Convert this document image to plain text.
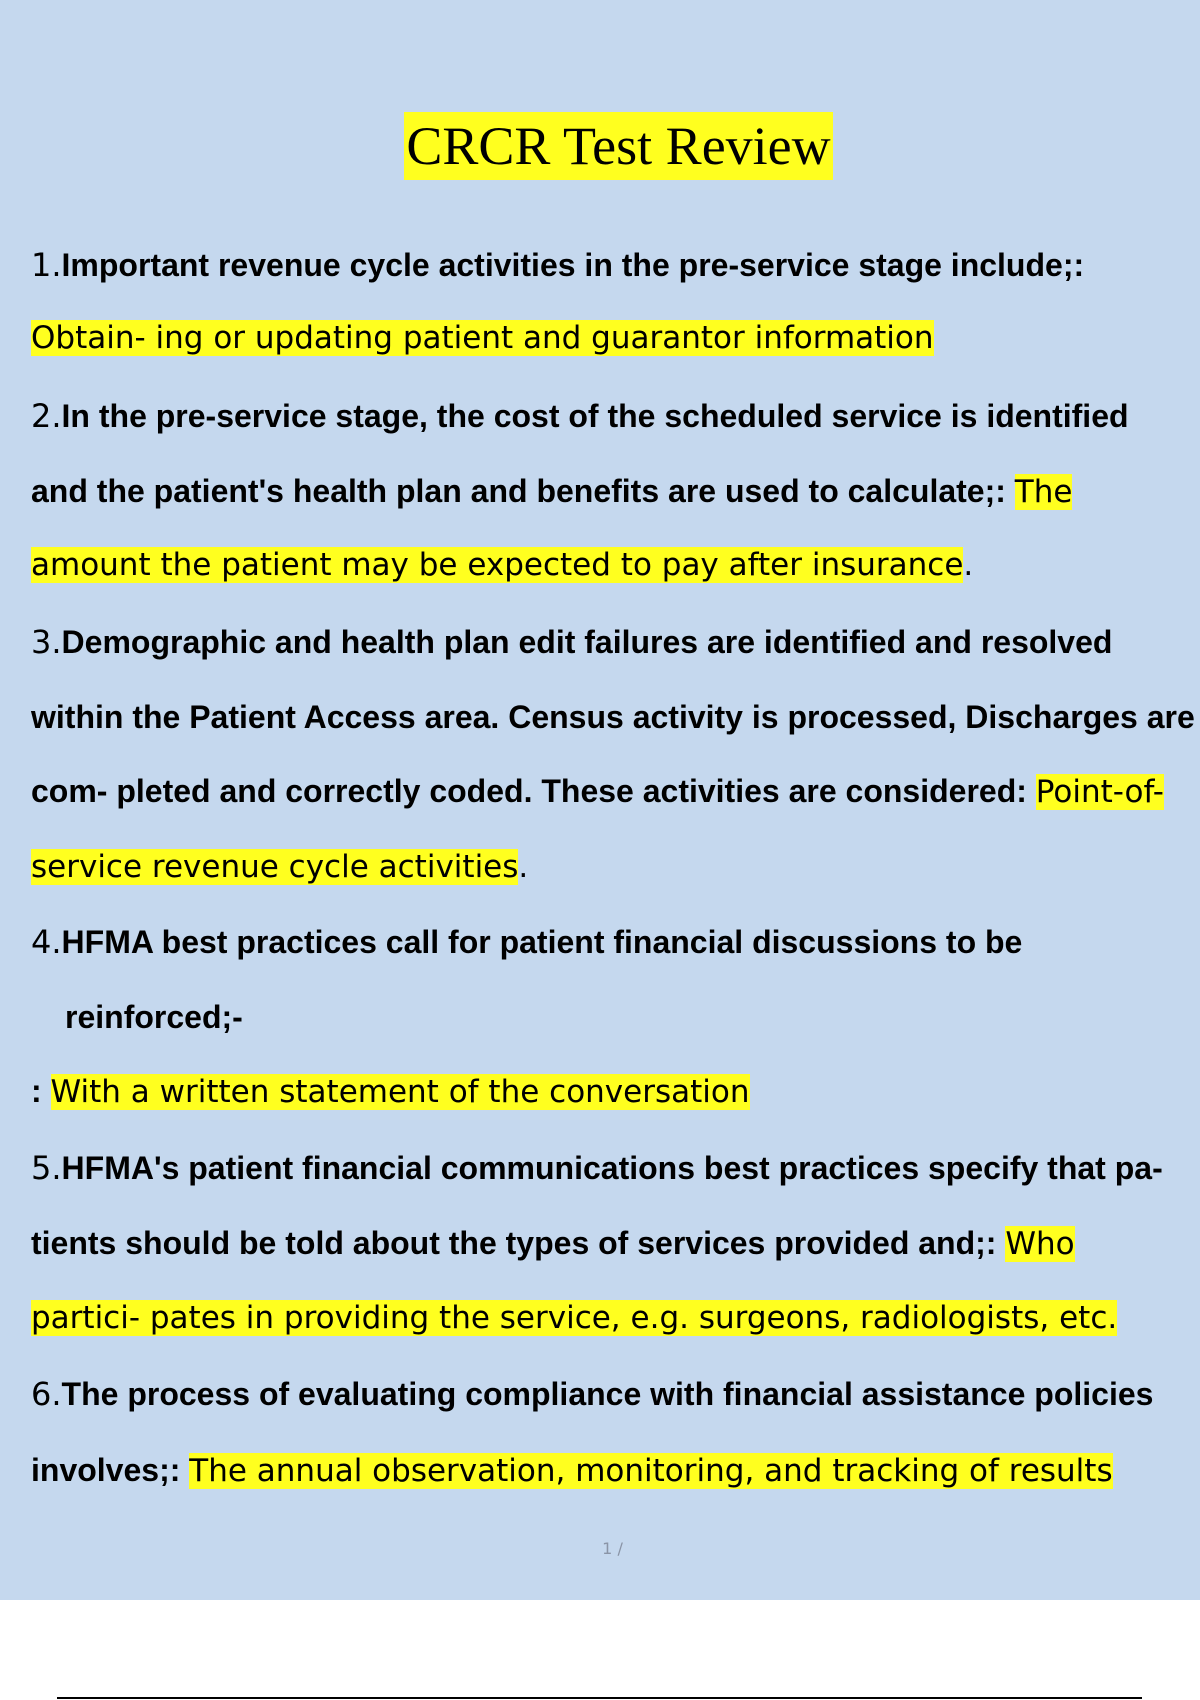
CRCR Test Review
1.Important revenue cycle activities in the pre-service stage include;:
Obtain- ing or updating patient and guarantor information
2.In the pre-service stage, the cost of the scheduled service is identified
and the patient's health plan and benefits are used to calculate;: The
amount the patient may be expected to pay after insurance.
3.Demographic and health plan edit failures are identified and resolved
within the Patient Access area. Census activity is processed, Discharges are
com- pleted and correctly coded. These activities are considered: Point-of-
service revenue cycle activities.
4.HFMA best practices call for patient financial discussions to be
reinforced;-
: With a written statement of the conversation
5.HFMA's patient financial communications best practices specify that pa-
tients should be told about the types of services provided and;: Who
partici- pates in providing the service, e.g. surgeons, radiologists, etc.
6.The process of evaluating compliance with financial assistance policies
involves;: The annual observation, monitoring, and tracking of results
1 /
